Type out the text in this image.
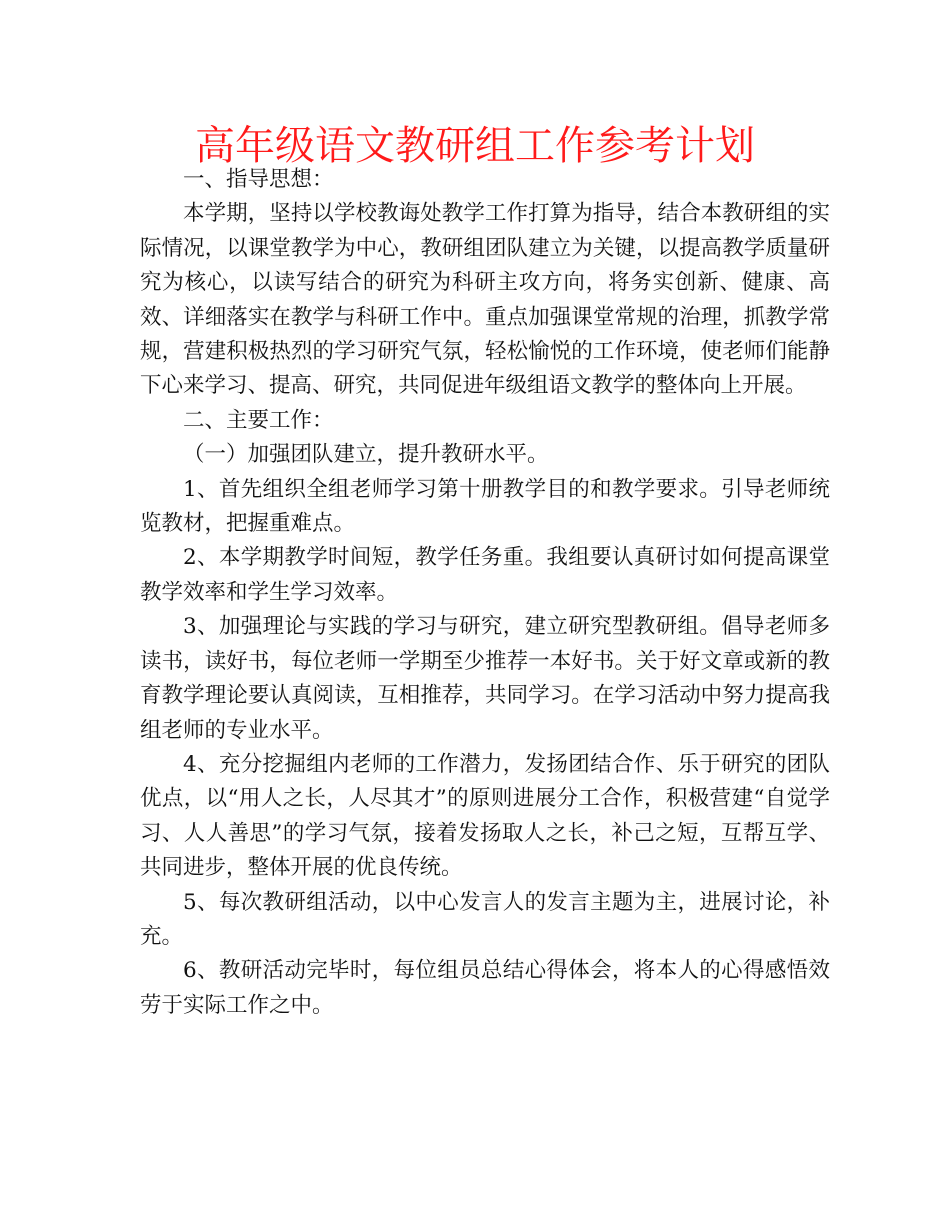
高年级语文教研组工作参考计划

一、指导思想：

本学期，坚持以学校教诲处教学工作打算为指导，结合本教研组的实际情况，以课堂教学为中心，教研组团队建立为关键，以提高教学质量研究为核心，以读写结合的研究为科研主攻方向，将务实创新、健康、高效、详细落实在教学与科研工作中。重点加强课堂常规的治理，抓教学常规，营建积极热烈的学习研究气氛，轻松愉悦的工作环境，使老师们能静下心来学习、提高、研究，共同促进年级组语文教学的整体向上开展。

二、主要工作：

（一）加强团队建立，提升教研水平。

1、首先组织全组老师学习第十册教学目的和教学要求。引导老师统览教材，把握重难点。

2、本学期教学时间短，教学任务重。我组要认真研讨如何提高课堂教学效率和学生学习效率。

3、加强理论与实践的学习与研究，建立研究型教研组。倡导老师多读书，读好书，每位老师一学期至少推荐一本好书。关于好文章或新的教育教学理论要认真阅读，互相推荐，共同学习。在学习活动中努力提高我组老师的专业水平。

4、充分挖掘组内老师的工作潜力，发扬团结合作、乐于研究的团队优点，以“用人之长，人尽其才”的原则进展分工合作，积极营建“自觉学习、人人善思”的学习气氛，接着发扬取人之长，补己之短，互帮互学、共同进步，整体开展的优良传统。

5、每次教研组活动，以中心发言人的发言主题为主，进展讨论，补充。

6、教研活动完毕时，每位组员总结心得体会，将本人的心得感悟效劳于实际工作之中。
